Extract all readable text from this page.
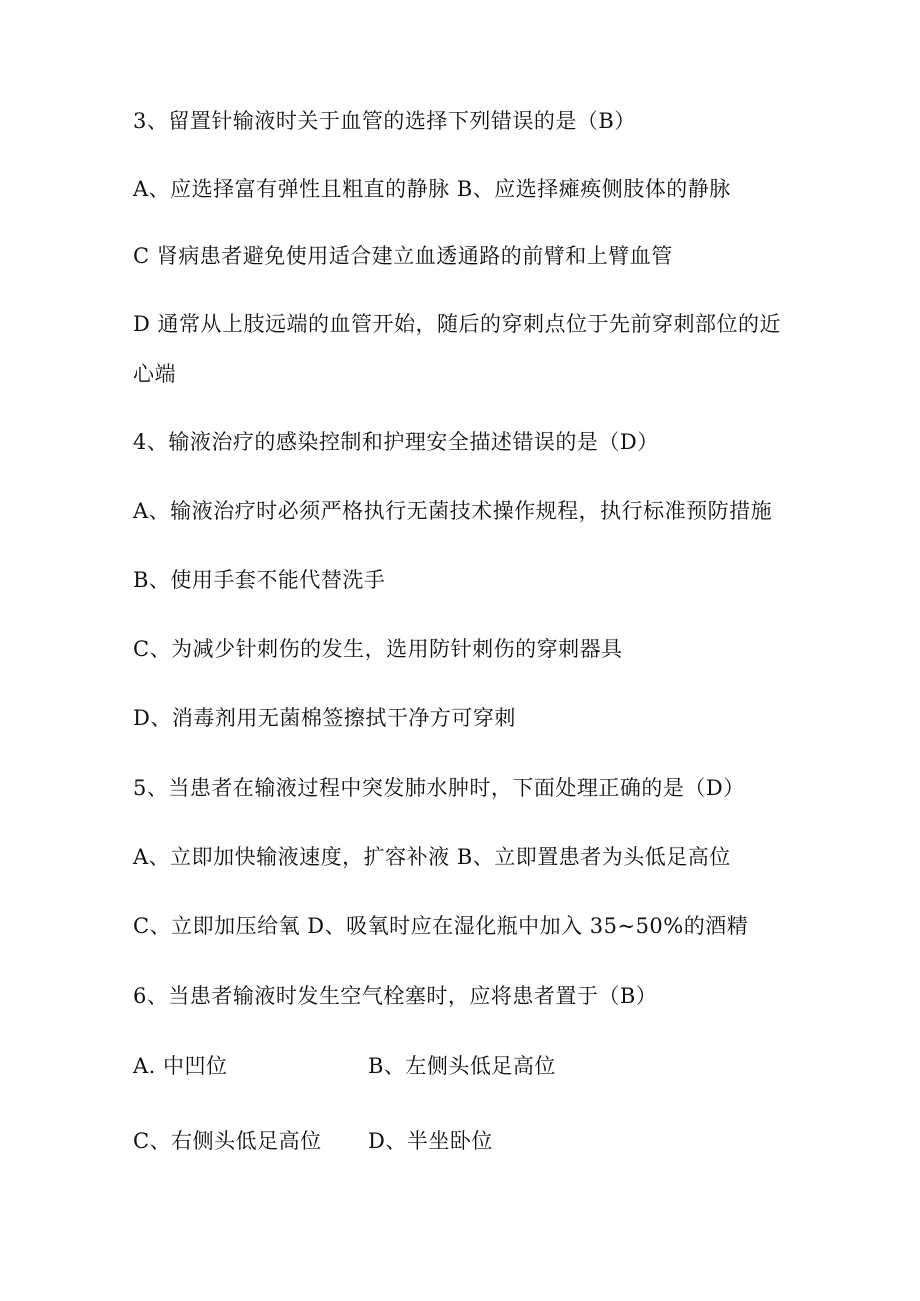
3、留置针输液时关于血管的选择下列错误的是（B）
A、应选择富有弹性且粗直的静脉 B、应选择瘫痪侧肢体的静脉
C 肾病患者避免使用适合建立血透通路的前臂和上臂血管
D 通常从上肢远端的血管开始，随后的穿刺点位于先前穿刺部位的近
心端
4、输液治疗的感染控制和护理安全描述错误的是（D）
A、输液治疗时必须严格执行无菌技术操作规程，执行标准预防措施
B、使用手套不能代替洗手
C、为减少针刺伤的发生，选用防针刺伤的穿刺器具
D、消毒剂用无菌棉签擦拭干净方可穿刺
5、当患者在输液过程中突发肺水肿时，下面处理正确的是（D）
A、立即加快输液速度，扩容补液 B、立即置患者为头低足高位
C、立即加压给氧 D、吸氧时应在湿化瓶中加入 35~50%的酒精
6、当患者输液时发生空气栓塞时，应将患者置于（B）
A. 中凹位	B、左侧头低足高位
C、右侧头低足高位 D、半坐卧位
